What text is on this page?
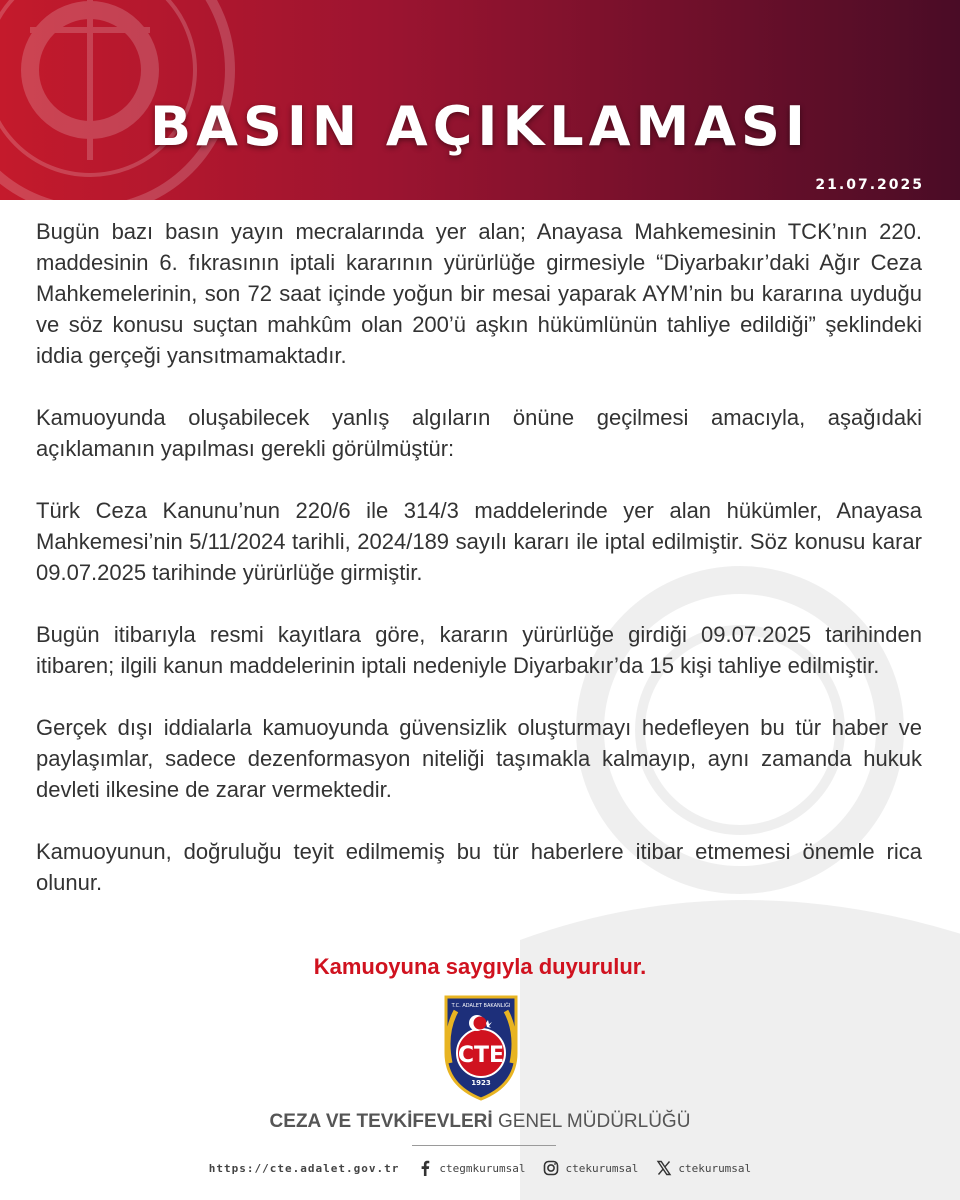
BASIN AÇIKLAMASI
21.07.2025

Bugün bazı basın yayın mecralarında yer alan; Anayasa Mahkemesinin TCK’nın 220. maddesinin 6. fıkrasının iptali kararının yürürlüğe girmesiyle “Diyarbakır’daki Ağır Ceza Mahkemelerinin, son 72 saat içinde yoğun bir mesai yaparak AYM’nin bu kararına uyduğu ve söz konusu suçtan mahkûm olan 200’ü aşkın hükümlünün tahliye edildiği” şeklindeki iddia gerçeği yansıtmamaktadır.

Kamuoyunda oluşabilecek yanlış algıların önüne geçilmesi amacıyla, aşağıdaki açıklamanın yapılması gerekli görülmüştür:

Türk Ceza Kanunu’nun 220/6 ile 314/3 maddelerinde yer alan hükümler, Anayasa Mahkemesi’nin 5/11/2024 tarihli, 2024/189 sayılı kararı ile iptal edilmiştir. Söz konusu karar 09.07.2025 tarihinde yürürlüğe girmiştir.

Bugün itibarıyla resmi kayıtlara göre, kararın yürürlüğe girdiği 09.07.2025 tarihinden itibaren; ilgili kanun maddelerinin iptali nedeniyle Diyarbakır’da 15 kişi tahliye edilmiştir.

Gerçek dışı iddialarla kamuoyunda güvensizlik oluşturmayı hedefleyen bu tür haber ve paylaşımlar, sadece dezenformasyon niteliği taşımakla kalmayıp, aynı zamanda hukuk devleti ilkesine de zarar vermektedir.

Kamuoyunun, doğruluğu teyit edilmemiş bu tür haberlere itibar etmemesi önemle rica olunur.

Kamuoyuna saygıyla duyurulur.
T.C. ADALET BAKANLIĞI
CTE
1923
CEZA VE TEVKİFEVLERİ GENEL MÜDÜRLÜĞÜ
https://cte.adalet.gov.tr	ctegmkurumsal	ctekurumsal	ctekurumsal
